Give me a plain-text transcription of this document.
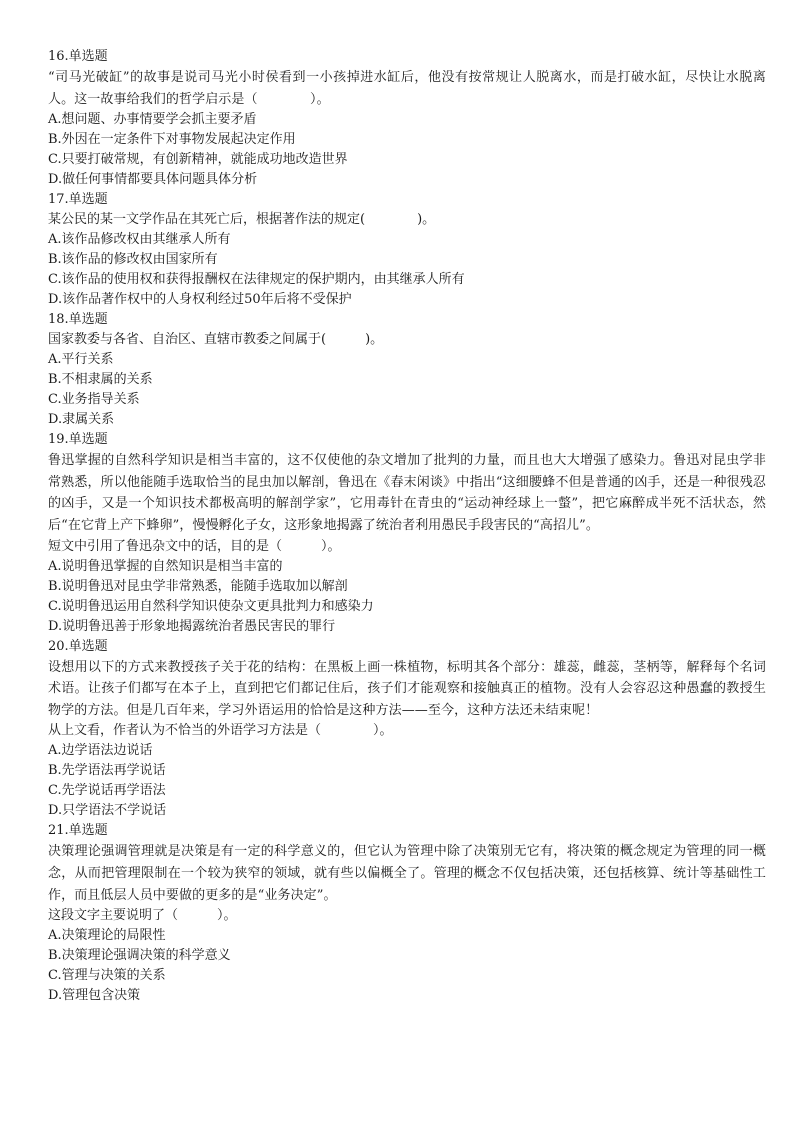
16.单选题

“司马光破缸”的故事是说司马光小时侯看到一小孩掉进水缸后，他没有按常规让人脱离水，而是打破水缸，尽快让水脱离人。这一故事给我们的哲学启示是（　　　　）。

A.想问题、办事情要学会抓主要矛盾

B.外因在一定条件下对事物发展起决定作用

C.只要打破常规，有创新精神，就能成功地改造世界

D.做任何事情都要具体问题具体分析

17.单选题

某公民的某一文学作品在其死亡后，根据著作法的规定(　　　　)。

A.该作品修改权由其继承人所有

B.该作品的修改权由国家所有

C.该作品的使用权和获得报酬权在法律规定的保护期内，由其继承人所有

D.该作品著作权中的人身权利经过50年后将不受保护

18.单选题

国家教委与各省、自治区、直辖市教委之间属于(　　　)。

A.平行关系

B.不相隶属的关系

C.业务指导关系

D.隶属关系

19.单选题

鲁迅掌握的自然科学知识是相当丰富的，这不仅使他的杂文增加了批判的力量，而且也大大增强了感染力。鲁迅对昆虫学非常熟悉，所以他能随手选取恰当的昆虫加以解剖，鲁迅在《春末闲谈》中指出“这细腰蜂不但是普通的凶手，还是一种很残忍的凶手，又是一个知识技术都极高明的解剖学家”，它用毒针在青虫的“运动神经球上一螫”，把它麻醉成半死不活状态，然后“在它背上产下蜂卵”，慢慢孵化子女，这形象地揭露了统治者利用愚民手段害民的“高招儿”。

短文中引用了鲁迅杂文中的话，目的是（　　　）。

A.说明鲁迅掌握的自然知识是相当丰富的

B.说明鲁迅对昆虫学非常熟悉，能随手选取加以解剖

C.说明鲁迅运用自然科学知识使杂文更具批判力和感染力

D.说明鲁迅善于形象地揭露统治者愚民害民的罪行

20.单选题

设想用以下的方式来教授孩子关于花的结构：在黑板上画一株植物，标明其各个部分：雄蕊，雌蕊，茎柄等，解释每个名词术语。让孩子们都写在本子上，直到把它们都记住后，孩子们才能观察和接触真正的植物。没有人会容忍这种愚蠢的教授生物学的方法。但是几百年来，学习外语运用的恰恰是这种方法——至今，这种方法还未结束呢！

从上文看，作者认为不恰当的外语学习方法是（　　　　）。

A.边学语法边说话

B.先学语法再学说话

C.先学说话再学语法

D.只学语法不学说话

21.单选题

决策理论强调管理就是决策是有一定的科学意义的，但它认为管理中除了决策别无它有，将决策的概念规定为管理的同一概念，从而把管理限制在一个较为狭窄的领域，就有些以偏概全了。管理的概念不仅包括决策，还包括核算、统计等基础性工作，而且低层人员中要做的更多的是“业务决定”。

这段文字主要说明了（　　　）。

A.决策理论的局限性

B.决策理论强调决策的科学意义

C.管理与决策的关系

D.管理包含决策
